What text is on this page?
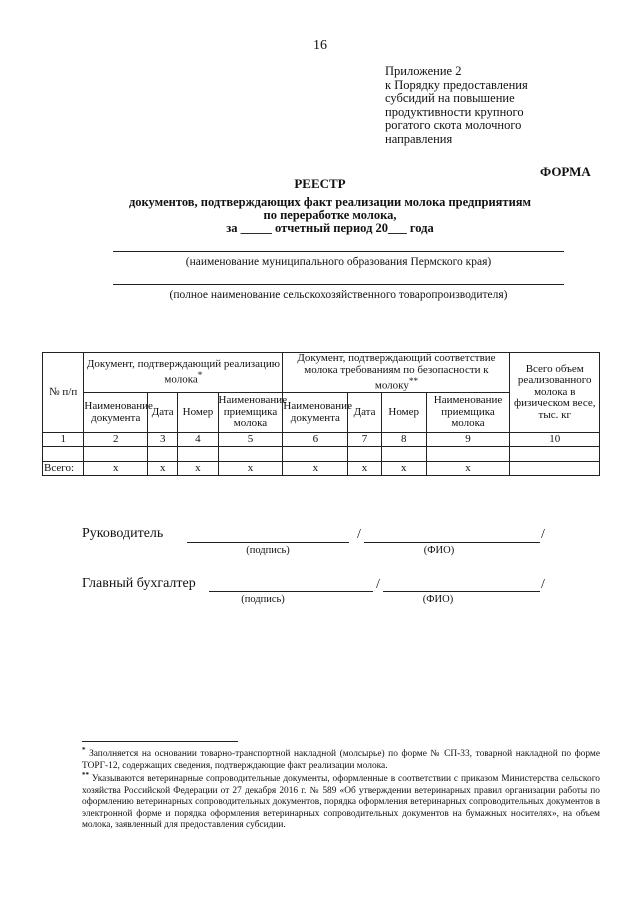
16
Приложение 2
к Порядку предоставления
субсидий на повышение
продуктивности крупного
рогатого скота молочного
направления
ФОРМА
РЕЕСТР
документов, подтверждающих факт реализации молока предприятиям
по переработке молока,
за _____ отчетный период 20___ года
(наименование муниципального образования Пермского края)
(полное наименование сельскохозяйственного товаропроизводителя)
№ п/п	Документ, подтверждающий реализацию молока*				Документ, подтверждающий соответствие молока требованиям по безопасности к молоку**				Всего объем реализованного молока в физическом весе, тыс. кг
	Наименование документа	Дата	Номер	Наименование приемщика молока	Наименование документа	Дата	Номер	Наименование приемщика молока	
1	2	3	4	5	6	7	8	9	10

Всего:	х	х	х	х	х	х	х	х	
Руководитель	/	/
(подпись)	(ФИО)
Главный бухгалтер	/	/
(подпись)	(ФИО)
* Заполняется на основании товарно-транспортной накладной (молсырье) по форме № СП-33, товарной накладной по форме ТОРГ-12, содержащих сведения, подтверждающие факт реализации молока.
** Указываются ветеринарные сопроводительные документы, оформленные в соответствии с приказом Министерства сельского хозяйства Российской Федерации от 27 декабря 2016 г. № 589 «Об утверждении ветеринарных правил организации работы по оформлению ветеринарных сопроводительных документов, порядка оформления ветеринарных сопроводительных документов в электронной форме и порядка оформления ветеринарных сопроводительных документов на бумажных носителях», на объем молока, заявленный для предоставления субсидии.
